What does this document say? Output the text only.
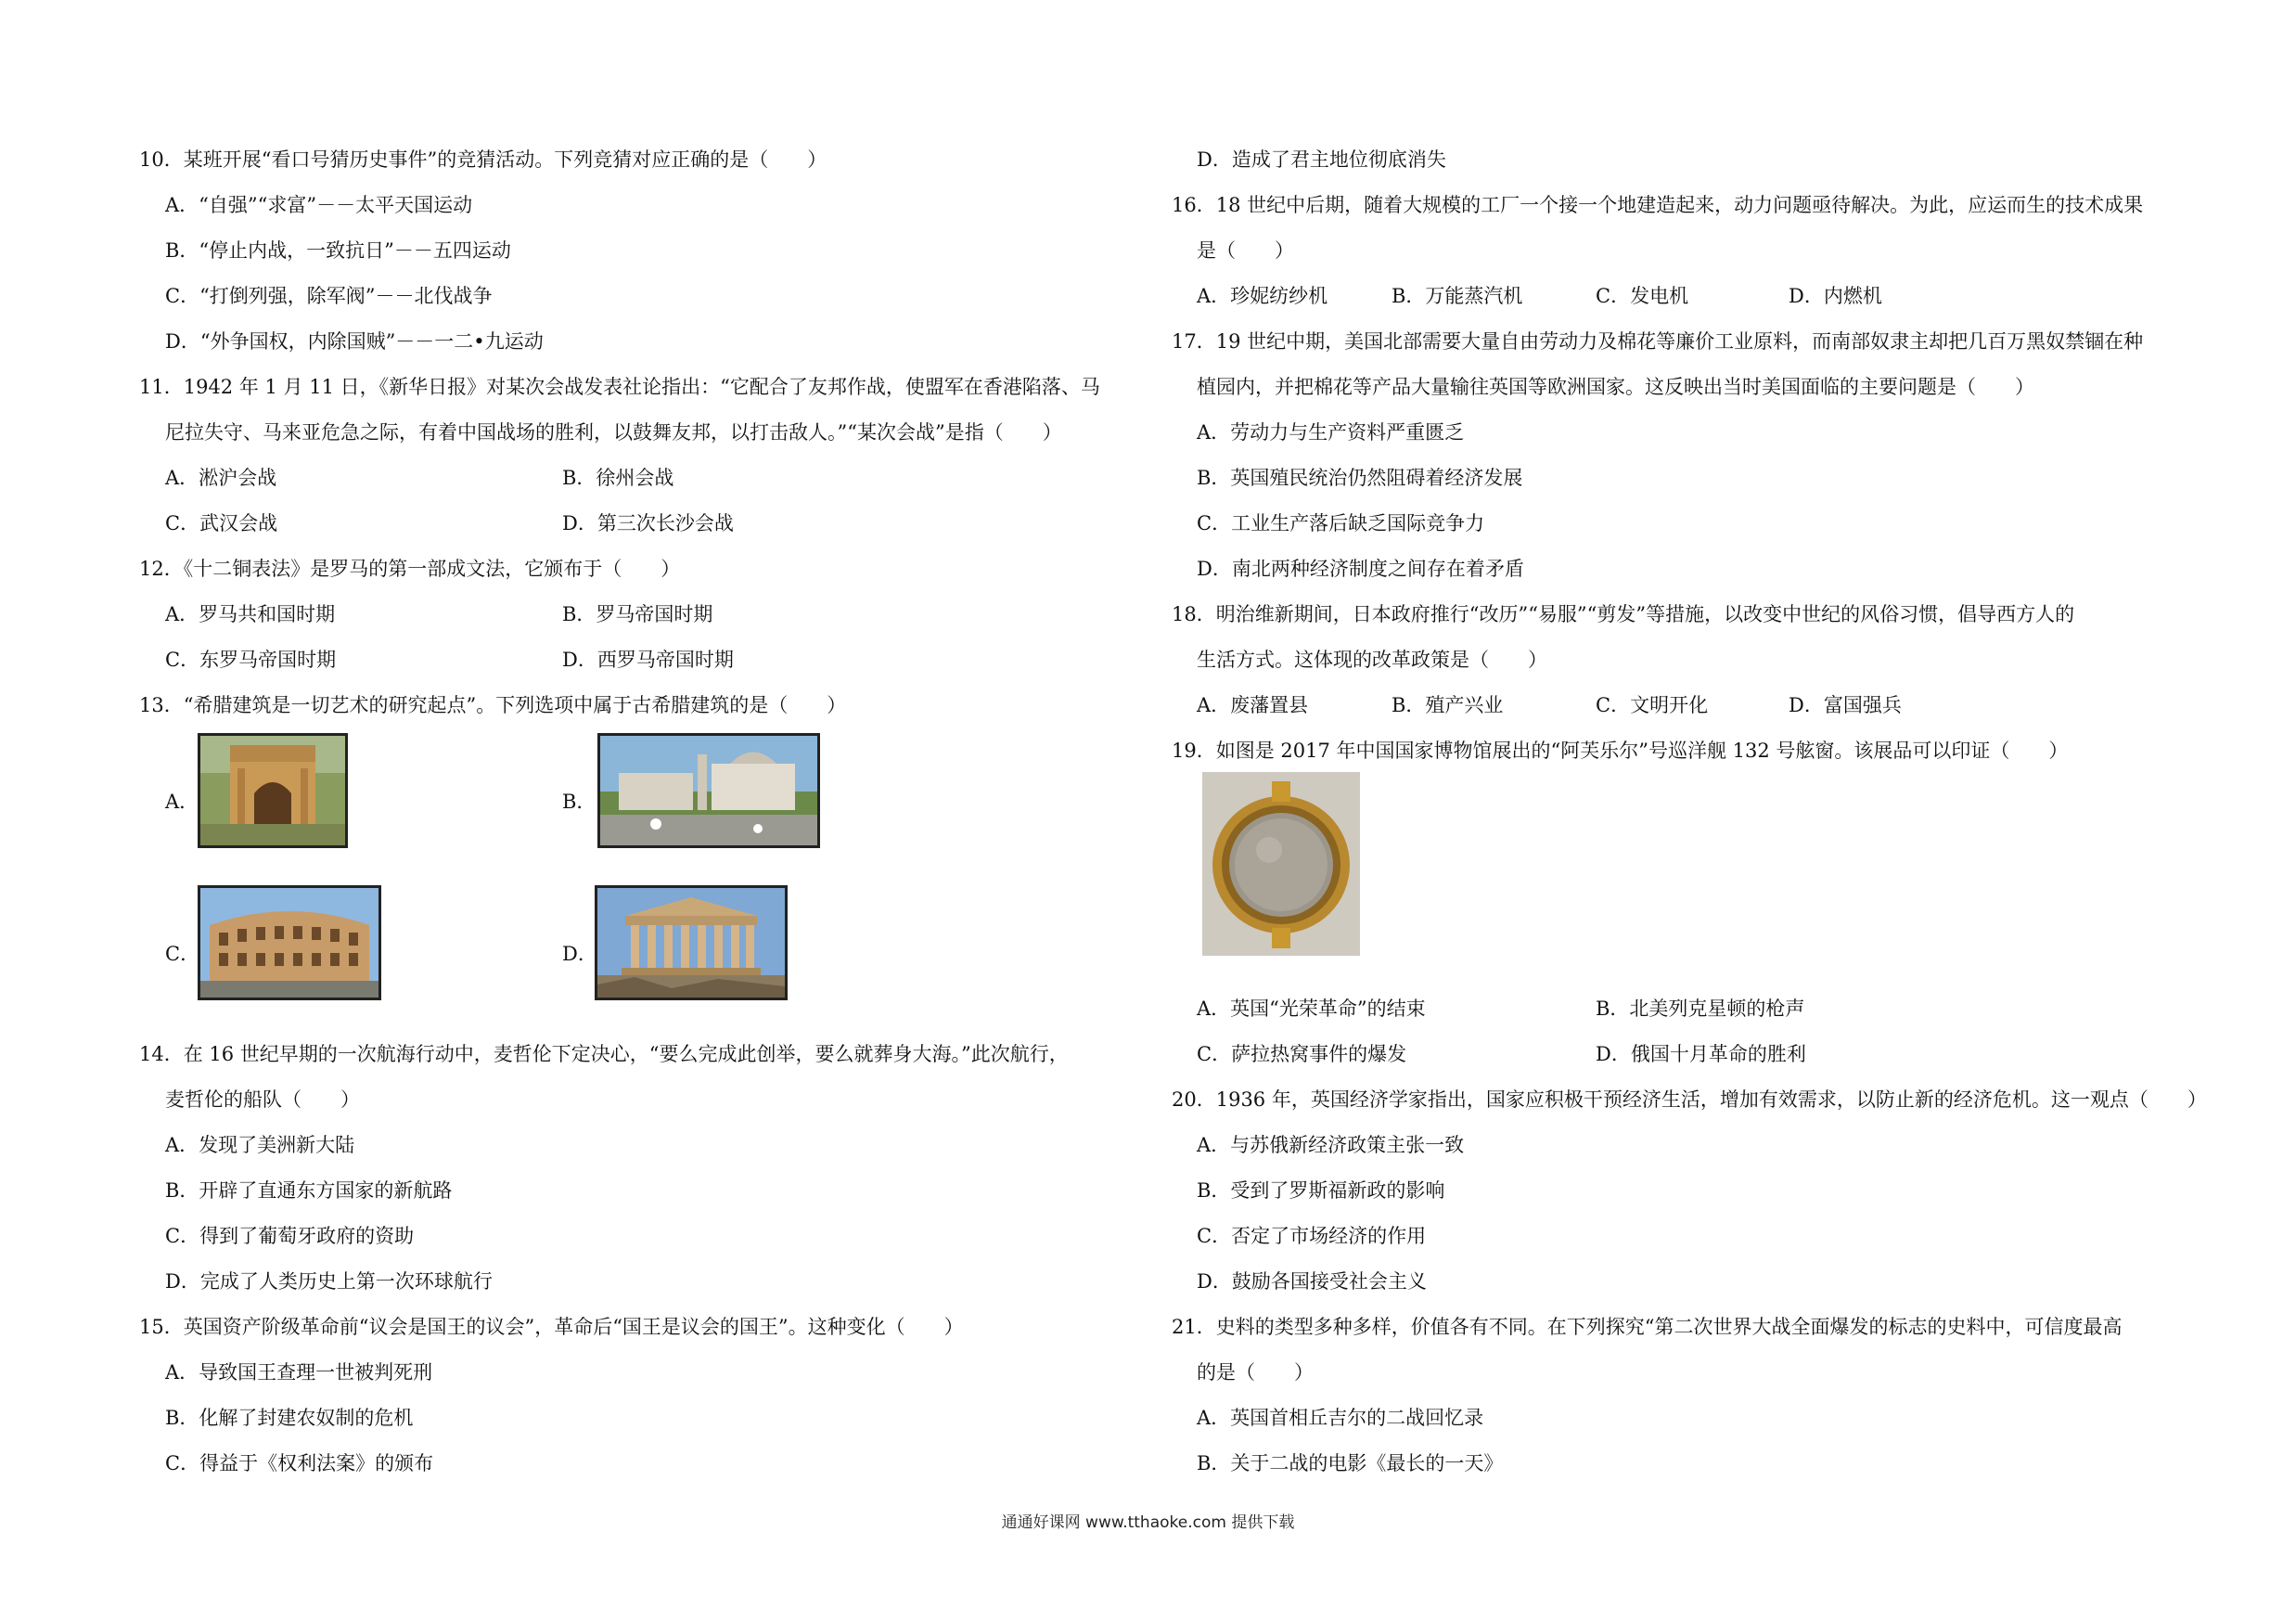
10．某班开展“看口号猜历史事件”的竞猜活动。下列竞猜对应正确的是（　　）
A．“自强”“求富”－－太平天国运动
B．“停止内战，一致抗日”－－五四运动
C．“打倒列强，除军阀”－－北伐战争
D．“外争国权，内除国贼”－－一二•九运动
11．1942 年 1 月 11 日，《新华日报》对某次会战发表社论指出：“它配合了友邦作战，使盟军在香港陷落、马
尼拉失守、马来亚危急之际，有着中国战场的胜利，以鼓舞友邦，以打击敌人。”“某次会战”是指（　　）
A．淞沪会战	B．徐州会战
C．武汉会战	D．第三次长沙会战
12．《十二铜表法》是罗马的第一部成文法，它颁布于（　　）
A．罗马共和国时期	B．罗马帝国时期
C．东罗马帝国时期	D．西罗马帝国时期
13．“希腊建筑是一切艺术的研究起点”。下列选项中属于古希腊建筑的是（　　）
A．	B．
C．	D．
14．在 16 世纪早期的一次航海行动中，麦哲伦下定决心，“要么完成此创举，要么就葬身大海。”此次航行，
麦哲伦的船队（　　）
A．发现了美洲新大陆
B．开辟了直通东方国家的新航路
C．得到了葡萄牙政府的资助
D．完成了人类历史上第一次环球航行
15．英国资产阶级革命前“议会是国王的议会”，革命后“国王是议会的国王”。这种变化（　　）
A．导致国王查理一世被判死刑
B．化解了封建农奴制的危机
C．得益于《权利法案》的颁布
D．造成了君主地位彻底消失
16．18 世纪中后期，随着大规模的工厂一个接一个地建造起来，动力问题亟待解决。为此，应运而生的技术成果
是（　　）
A．珍妮纺纱机	B．万能蒸汽机	C．发电机	D．内燃机
17．19 世纪中期，美国北部需要大量自由劳动力及棉花等廉价工业原料，而南部奴隶主却把几百万黑奴禁锢在种
植园内，并把棉花等产品大量输往英国等欧洲国家。这反映出当时美国面临的主要问题是（　　）
A．劳动力与生产资料严重匮乏
B．英国殖民统治仍然阻碍着经济发展
C．工业生产落后缺乏国际竞争力
D．南北两种经济制度之间存在着矛盾
18．明治维新期间，日本政府推行“改历”“易服”“剪发”等措施，以改变中世纪的风俗习惯，倡导西方人的
生活方式。这体现的改革政策是（　　）
A．废藩置县	B．殖产兴业	C．文明开化	D．富国强兵
19．如图是 2017 年中国国家博物馆展出的“阿芙乐尔”号巡洋舰 132 号舷窗。该展品可以印证（　　）
A．英国“光荣革命”的结束	B．北美列克星顿的枪声
C．萨拉热窝事件的爆发	D．俄国十月革命的胜利
20．1936 年，英国经济学家指出，国家应积极干预经济生活，增加有效需求，以防止新的经济危机。这一观点（　　）
A．与苏俄新经济政策主张一致
B．受到了罗斯福新政的影响
C．否定了市场经济的作用
D．鼓励各国接受社会主义
21．史料的类型多种多样，价值各有不同。在下列探究“第二次世界大战全面爆发的标志的史料中，可信度最高
的是（　　）
A．英国首相丘吉尔的二战回忆录
B．关于二战的电影《最长的一天》
通通好课网 www.tthaoke.com 提供下载
